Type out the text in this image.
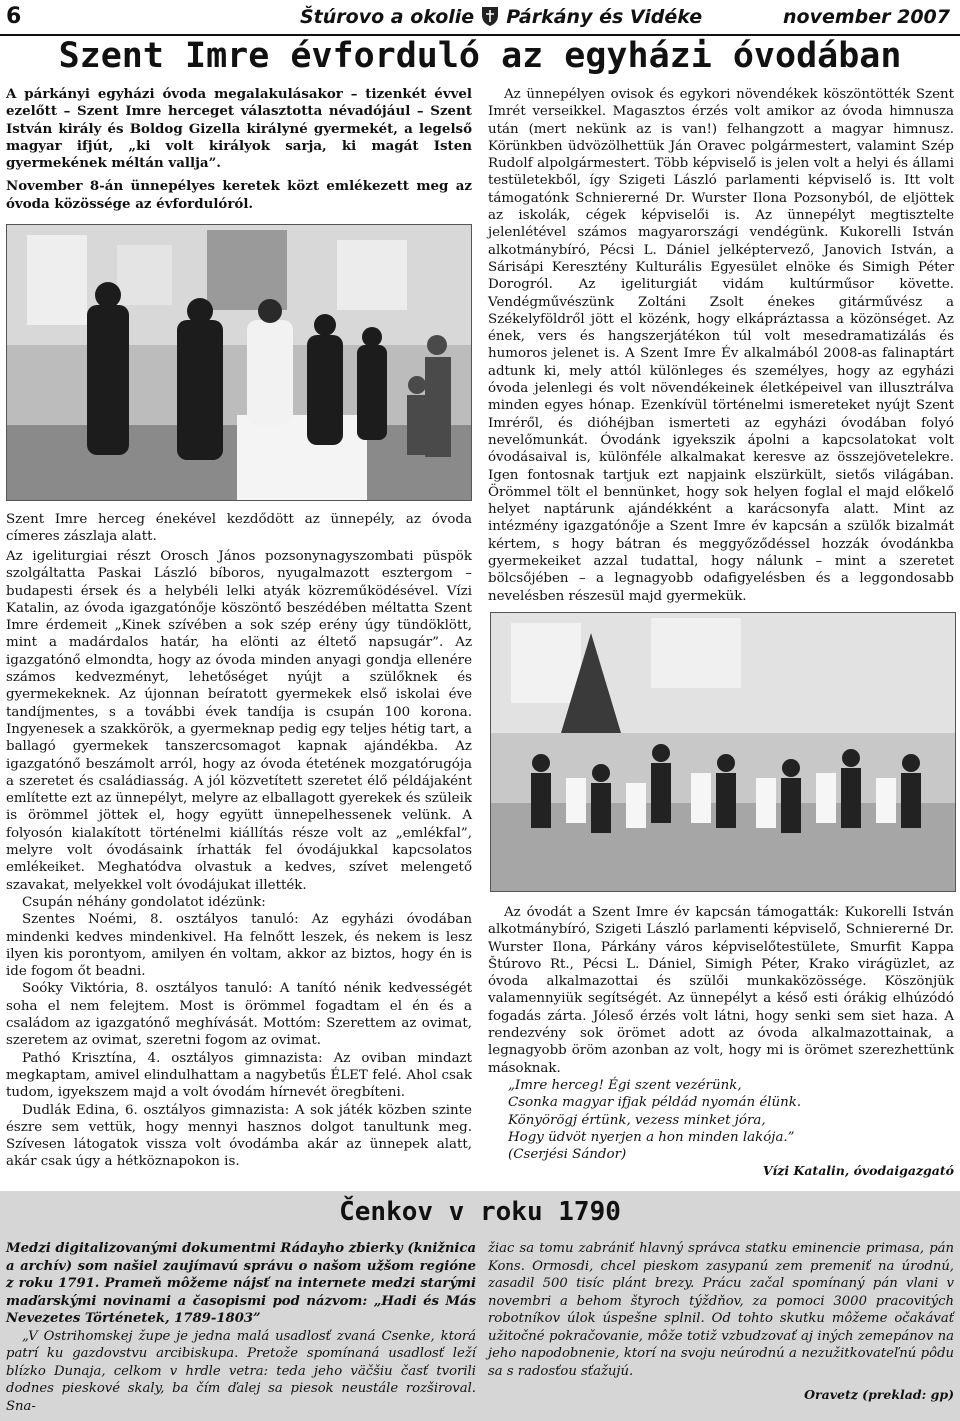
6	Štúrovo a okolie Párkány és Vidéke	november 2007
Szent Imre évforduló az egyházi óvodában

A párkányi egyházi óvoda megalakulásakor – tizenkét évvel ezelőtt – Szent Imre herceget választotta névadójául – Szent István király és Boldog Gizella királyné gyermekét, a legelső magyar ifjút, „ki volt királyok sarja, ki magát Isten gyermekének méltán vallja”.

November 8-án ünnepélyes keretek közt emlékezett meg az óvoda közössége az évfordulóról.

Szent Imre herceg énekével kezdődött az ünnepély, az óvoda címeres zászlaja alatt.

Az igeliturgiai részt Orosch János pozsonynagyszombati püspök szolgáltatta Paskai László bíboros, nyugalmazott esztergom – budapesti érsek és a helybéli lelki atyák közreműködésével. Vízi Katalin, az óvoda igazgatónője köszöntő beszédében méltatta Szent Imre érdemeit „Kinek szívében a sok szép erény úgy tündöklött, mint a madárdalos határ, ha elönti az éltető napsugár”. Az igazgatónő elmondta, hogy az óvoda minden anyagi gondja ellenére számos kedvezményt, lehetőséget nyújt a szülőknek és gyermekeknek. Az újonnan beíratott gyermekek első iskolai éve tandíjmentes, s a további évek tandíja is csupán 100 korona. Ingyenesek a szakkörök, a gyermeknap pedig egy teljes hétig tart, a ballagó gyermekek tanszercsomagot kapnak ajándékba. Az igazgatónő beszámolt arról, hogy az óvoda étetének mozgatórugója a szeretet és családiasság. A jól közvetített szeretet élő példájaként említette ezt az ünnepélyt, melyre az elballagott gyerekek és szüleik is örömmel jöttek el, hogy együtt ünnepelhessenek velünk. A folyosón kialakított történelmi kiállítás része volt az „emlékfal”, melyre volt óvodásaink írhatták fel óvodájukkal kapcsolatos emlékeiket. Meghatódva olvastuk a kedves, szívet melengető szavakat, melyekkel volt óvodájukat illették.

Csupán néhány gondolatot idézünk:

Szentes Noémi, 8. osztályos tanuló: Az egyházi óvodában mindenki kedves mindenkivel. Ha felnőtt leszek, és nekem is lesz ilyen kis porontyom, amilyen én voltam, akkor az biztos, hogy én is ide fogom őt beadni.

Soóky Viktória, 8. osztályos tanuló: A tanító nénik kedvességét soha el nem felejtem. Most is örömmel fogadtam el én és a családom az igazgatónő meghívását. Mottóm: Szerettem az ovimat, szeretem az ovimat, szeretni fogom az ovimat.

Pathó Krisztína, 4. osztályos gimnazista: Az oviban mindazt megkaptam, amivel elindulhattam a nagybetűs ÉLET felé. Ahol csak tudom, igyekszem majd a volt óvodám hírnevét öregbíteni.

Dudlák Edina, 6. osztályos gimnazista: A sok játék közben szinte észre sem vettük, hogy mennyi hasznos dolgot tanultunk meg. Szívesen látogatok vissza volt óvodámba akár az ünnepek alatt, akár csak úgy a hétköznapokon is.

Az ünnepélyen ovisok és egykori növendékek köszöntötték Szent Imrét verseikkel. Magasztos érzés volt amikor az óvoda himnusza után (mert nekünk az is van!) felhangzott a magyar himnusz. Körünkben üdvözölhettük Ján Oravec polgármestert, valamint Szép Rudolf alpolgármestert. Több képviselő is jelen volt a helyi és állami testületekből, így Szigeti László parlamenti képviselő is. Itt volt támogatónk Schniererné Dr. Wurster Ilona Pozsonyból, de eljöttek az iskolák, cégek képviselői is. Az ünnepélyt megtisztelte jelenlétével számos magyarországi vendégünk. Kukorelli István alkotmánybíró, Pécsi L. Dániel jelképtervező, Janovich István, a Sárisápi Keresztény Kulturális Egyesület elnöke és Simigh Péter Dorogról. Az igeliturgiát vidám kultúrműsor követte. Vendégművészünk Zoltáni Zsolt énekes gitárművész a Székelyföldről jött el közénk, hogy elkápráztassa a közönséget. Az ének, vers és hangszerjátékon túl volt mesedramatizálás és humoros jelenet is. A Szent Imre Év alkalmából 2008-as falinaptárt adtunk ki, mely attól különleges és személyes, hogy az egyházi óvoda jelenlegi és volt növendékeinek életképeivel van illusztrálva minden egyes hónap. Ezenkívül történelmi ismereteket nyújt Szent Imréről, és dióhéjban ismerteti az egyházi óvodában folyó nevelőmunkát. Óvodánk igyekszik ápolni a kapcsolatokat volt óvodásaival is, különféle alkalmakat keresve az összejövetelekre. Igen fontosnak tartjuk ezt napjaink elszürkült, sietős világában. Örömmel tölt el bennünket, hogy sok helyen foglal el majd előkelő helyet naptárunk ajándékként a karácsonyfa alatt. Mint az intézmény igazgatónője a Szent Imre év kapcsán a szülők bizalmát kértem, s hogy bátran és meggyőződéssel hozzák óvodánkba gyermekeiket azzal tudattal, hogy nálunk – mint a szeretet bölcsőjében – a legnagyobb odafigyelésben és a leggondosabb nevelésben részesül majd gyermekük.

Az óvodát a Szent Imre év kapcsán támogatták: Kukorelli István alkotmánybíró, Szigeti László parlamenti képviselő, Schniererné Dr. Wurster Ilona, Párkány város képviselőtestülete, Smurfit Kappa Štúrovo Rt., Pécsi L. Dániel, Simigh Péter, Krako virágüzlet, az óvoda alkalmazottai és szülői munkaközössége. Köszönjük valamennyiük segítségét. Az ünnepélyt a késő esti órákig elhúzódó fogadás zárta. Jóleső érzés volt látni, hogy senki sem siet haza. A rendezvény sok örömet adott az óvoda alkalmazottainak, a legnagyobb öröm azonban az volt, hogy mi is örömet szerezhettünk másoknak.

„Imre herceg! Égi szent vezérünk,

Csonka magyar ifjak példád nyomán élünk.

Könyörögj értünk, vezess minket jóra,

Hogy üdvöt nyerjen a hon minden lakója.”

(Cserjési Sándor)

Vízi Katalin, óvodaigazgató
Čenkov v roku 1790

Medzi digitalizovanými dokumentmi Rádayho zbierky (knižnica a archív) som našiel zaujímavú správu o našom užšom regióne z roku 1791. Prameň môžeme nájsť na internete medzi starými maďarskými novinami a časopismi pod názvom: „Hadi és Más Nevezetes Történetek, 1789-1803”

„V Ostrihomskej župe je jedna malá usadlosť zvaná Csenke, ktorá patrí ku gazdovstvu arcibiskupa. Pretože spomínaná usadlosť leží blízko Dunaja, celkom v hrdle vetra: teda jeho väčšiu časť tvorili dodnes pieskové skaly, ba čím ďalej sa piesok neustále rozširoval. Sna-

žiac sa tomu zabrániť hlavný správca statku eminencie primasa, pán Kons. Ormosdi, chcel pieskom zasypanú zem premeniť na úrodnú, zasadil 500 tisíc plánt brezy. Prácu začal spomínaný pán vlani v novembri a behom štyroch týždňov, za pomoci 3000 pracovitých robotníkov úlok úspešne splnil. Od tohto skutku môžeme očakávať užitočné pokračovanie, môže totiž vzbudzovať aj iných zemepánov na jeho napodobnenie, ktorí na svoju neúrodnú a nezužitkovateľnú pôdu sa s radosťou sťažujú.

Oravetz (preklad: gp)
